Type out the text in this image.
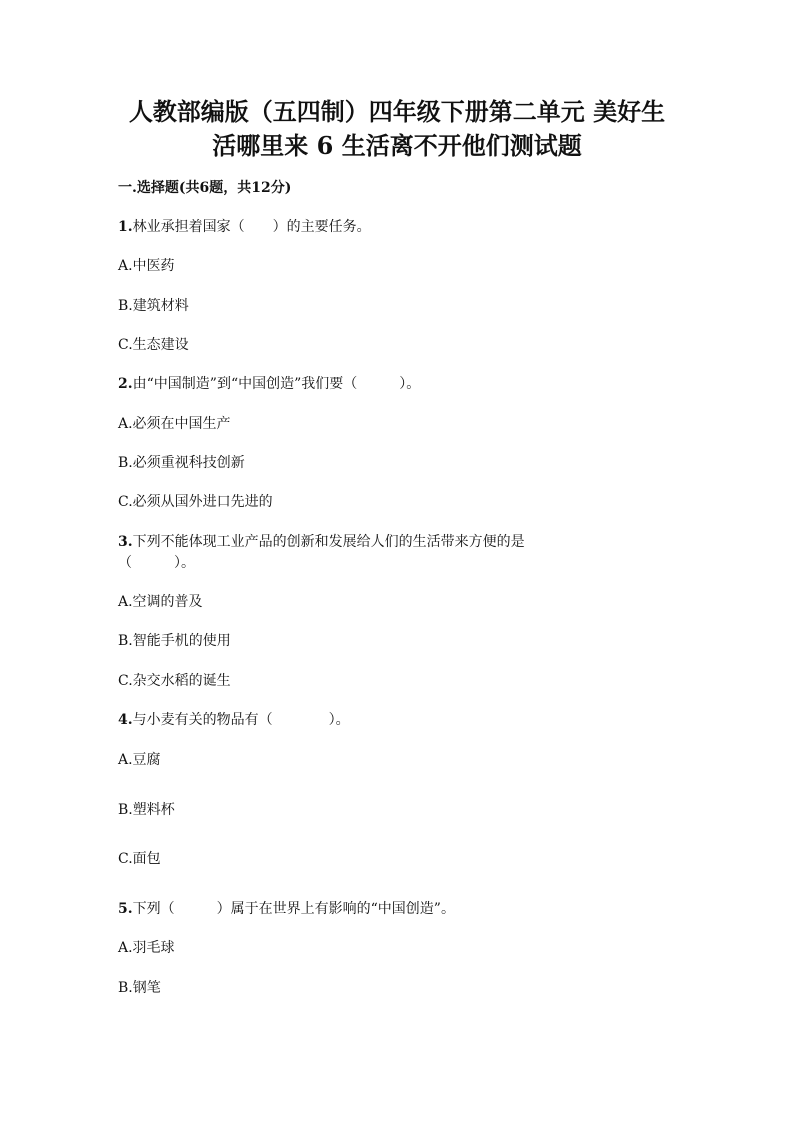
人教部编版（五四制）四年级下册第二单元 美好生
活哪里来 6 生活离不开他们测试题
一.选择题(共6题，共12分)
1.林业承担着国家（　　）的主要任务。
A.中医药
B.建筑材料
C.生态建设
2.由“中国制造”到“中国创造”我们要（　　　）。
A.必须在中国生产
B.必须重视科技创新
C.必须从国外进口先进的
3.下列不能体现工业产品的创新和发展给人们的生活带来方便的是
（　　　）。
A.空调的普及
B.智能手机的使用
C.杂交水稻的诞生
4.与小麦有关的物品有（　　　　）。
A.豆腐
B.塑料杯
C.面包
5.下列（　　　）属于在世界上有影响的“中国创造”。
A.羽毛球
B.钢笔
